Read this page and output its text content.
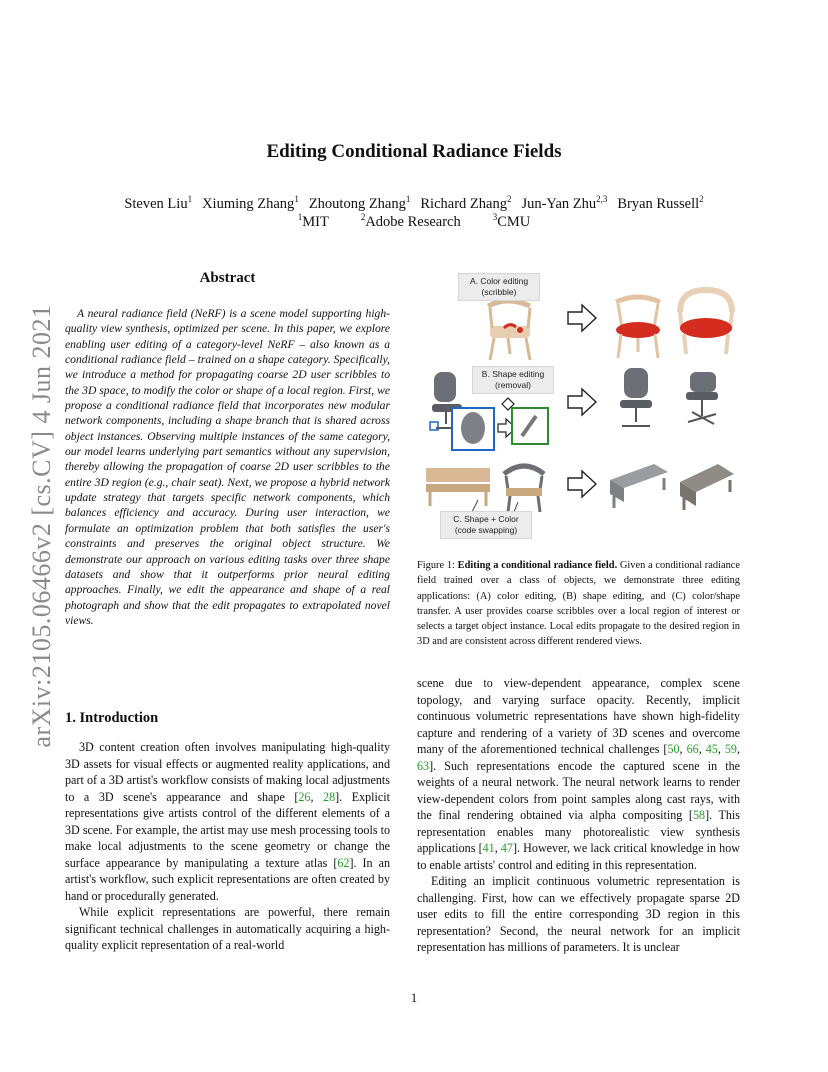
arXiv:2105.06466v2 [cs.CV] 4 Jun 2021
Editing Conditional Radiance Fields
Steven Liu$^1$ Xiuming Zhang$^1$ Zhoutong Zhang$^1$ Richard Zhang$^2$ Jun-Yan Zhu$^{2,3}$ Bryan Russell$^2$
$^1$MIT	$^2$Adobe Research	$^3$CMU
Abstract
A neural radiance field (NeRF) is a scene model supporting high-quality view synthesis, optimized per scene. In this paper, we explore enabling user editing of a category-level NeRF – also known as a conditional radiance field – trained on a shape category. Specifically, we introduce a method for propagating coarse 2D user scribbles to the 3D space, to modify the color or shape of a local region. First, we propose a conditional radiance field that incorporates new modular network components, including a shape branch that is shared across object instances. Observing multiple instances of the same category, our model learns underlying part semantics without any supervision, thereby allowing the propagation of coarse 2D user scribbles to the entire 3D region (e.g., chair seat). Next, we propose a hybrid network update strategy that targets specific network components, which balances efficiency and accuracy. During user interaction, we formulate an optimization problem that both satisfies the user's constraints and preserves the original object structure. We demonstrate our approach on various editing tasks over three shape datasets and show that it outperforms prior neural editing approaches. Finally, we edit the appearance and shape of a real photograph and show that the edit propagates to extrapolated novel views.
1. Introduction

3D content creation often involves manipulating high-quality 3D assets for visual effects or augmented reality applications, and part of a 3D artist's workflow consists of making local adjustments to a 3D scene's appearance and shape [26, 28]. Explicit representations give artists control of the different elements of a 3D scene. For example, the artist may use mesh processing tools to make local adjustments to the scene geometry or change the surface appearance by manipulating a texture atlas [62]. In an artist's workflow, such explicit representations are often created by hand or procedurally generated.

While explicit representations are powerful, there remain significant technical challenges in automatically acquiring a high-quality explicit representation of a real-world

A. Color editing
(scribble)
B. Shape editing
(removal)
C. Shape + Color
(code swapping)
Figure 1: Editing a conditional radiance field. Given a conditional radiance field trained over a class of objects, we demonstrate three editing applications: (A) color editing, (B) shape editing, and (C) color/shape transfer. A user provides coarse scribbles over a local region of interest or selects a target object instance. Local edits propagate to the desired region in 3D and are consistent across different rendered views.

scene due to view-dependent appearance, complex scene topology, and varying surface opacity. Recently, implicit continuous volumetric representations have shown high-fidelity capture and rendering of a variety of 3D scenes and overcome many of the aforementioned technical challenges [50, 66, 45, 59, 63]. Such representations encode the captured scene in the weights of a neural network. The neural network learns to render view-dependent colors from point samples along cast rays, with the final rendering obtained via alpha compositing [58]. This representation enables many photorealistic view synthesis applications [41, 47]. However, we lack critical knowledge in how to enable artists' control and editing in this representation.

Editing an implicit continuous volumetric representation is challenging. First, how can we effectively propagate sparse 2D user edits to fill the entire corresponding 3D region in this representation? Second, the neural network for an implicit representation has millions of parameters. It is unclear

1
